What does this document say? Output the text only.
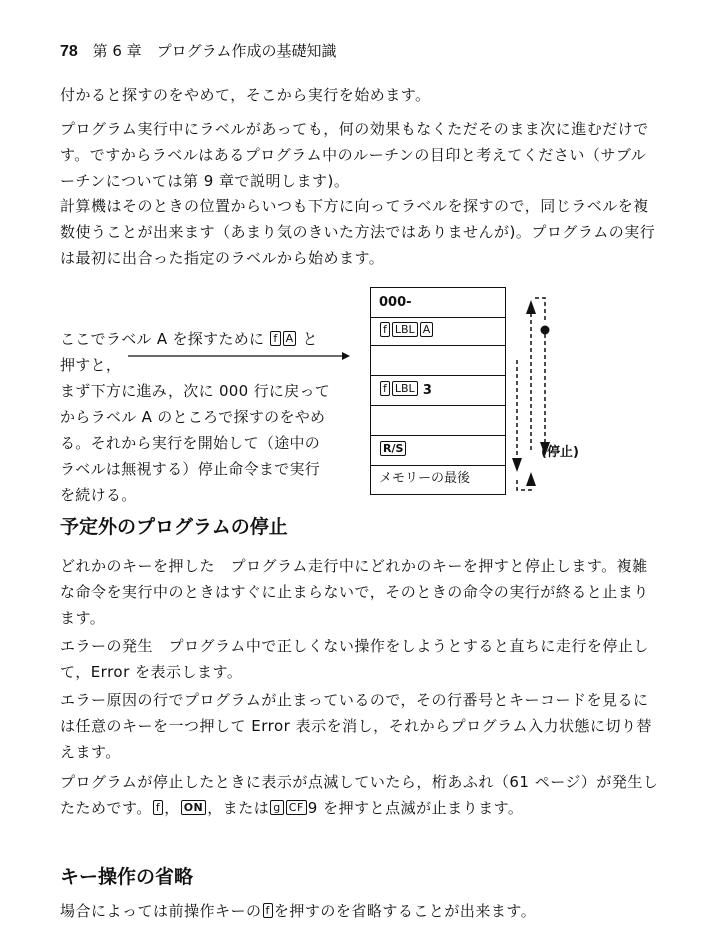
78 第 6 章　プログラム作成の基礎知識
付かると探すのをやめて，そこから実行を始めます。
プログラム実行中にラベルがあっても，何の効果もなくただそのまま次に進むだけです。ですからラベルはあるプログラム中のルーチンの目印と考えてください（サブルーチンについては第 9 章で説明します)。
計算機はそのときの位置からいつも下方に向ってラベルを探すので，同じラベルを複数使うことが出来ます（あまり気のきいた方法ではありませんが)。プログラムの実行は最初に出合った指定のラベルから始めます。
ここでラベル A を探すために f A と
押すと，
まず下方に進み，次に 000 行に戻って
からラベル A のところで探すのをやめ
る。それから実行を開始して（途中の
ラベルは無視する）停止命令まで実行
を続ける。
000-
f LBL A
f LBL 3
R/S
メモリーの最後
(停止)
予定外のプログラムの停止
どれかのキーを押した　プログラム走行中にどれかのキーを押すと停止します。複雑な命令を実行中のときはすぐに止まらないで，そのときの命令の実行が終ると止まります。
エラーの発生　プログラム中で正しくない操作をしようとすると直ちに走行を停止して，Error を表示します。
エラー原因の行でプログラムが止まっているので，その行番号とキーコードを見るには任意のキーを一つ押して Error 表示を消し，それからプログラム入力状態に切り替えます。
プログラムが停止したときに表示が点滅していたら，桁あふれ（61 ページ）が発生したためです。 f ， ON ，または g CF 9 を押すと点滅が止まります。
キー操作の省略
場合によっては前操作キーの f を押すのを省略することが出来ます。
